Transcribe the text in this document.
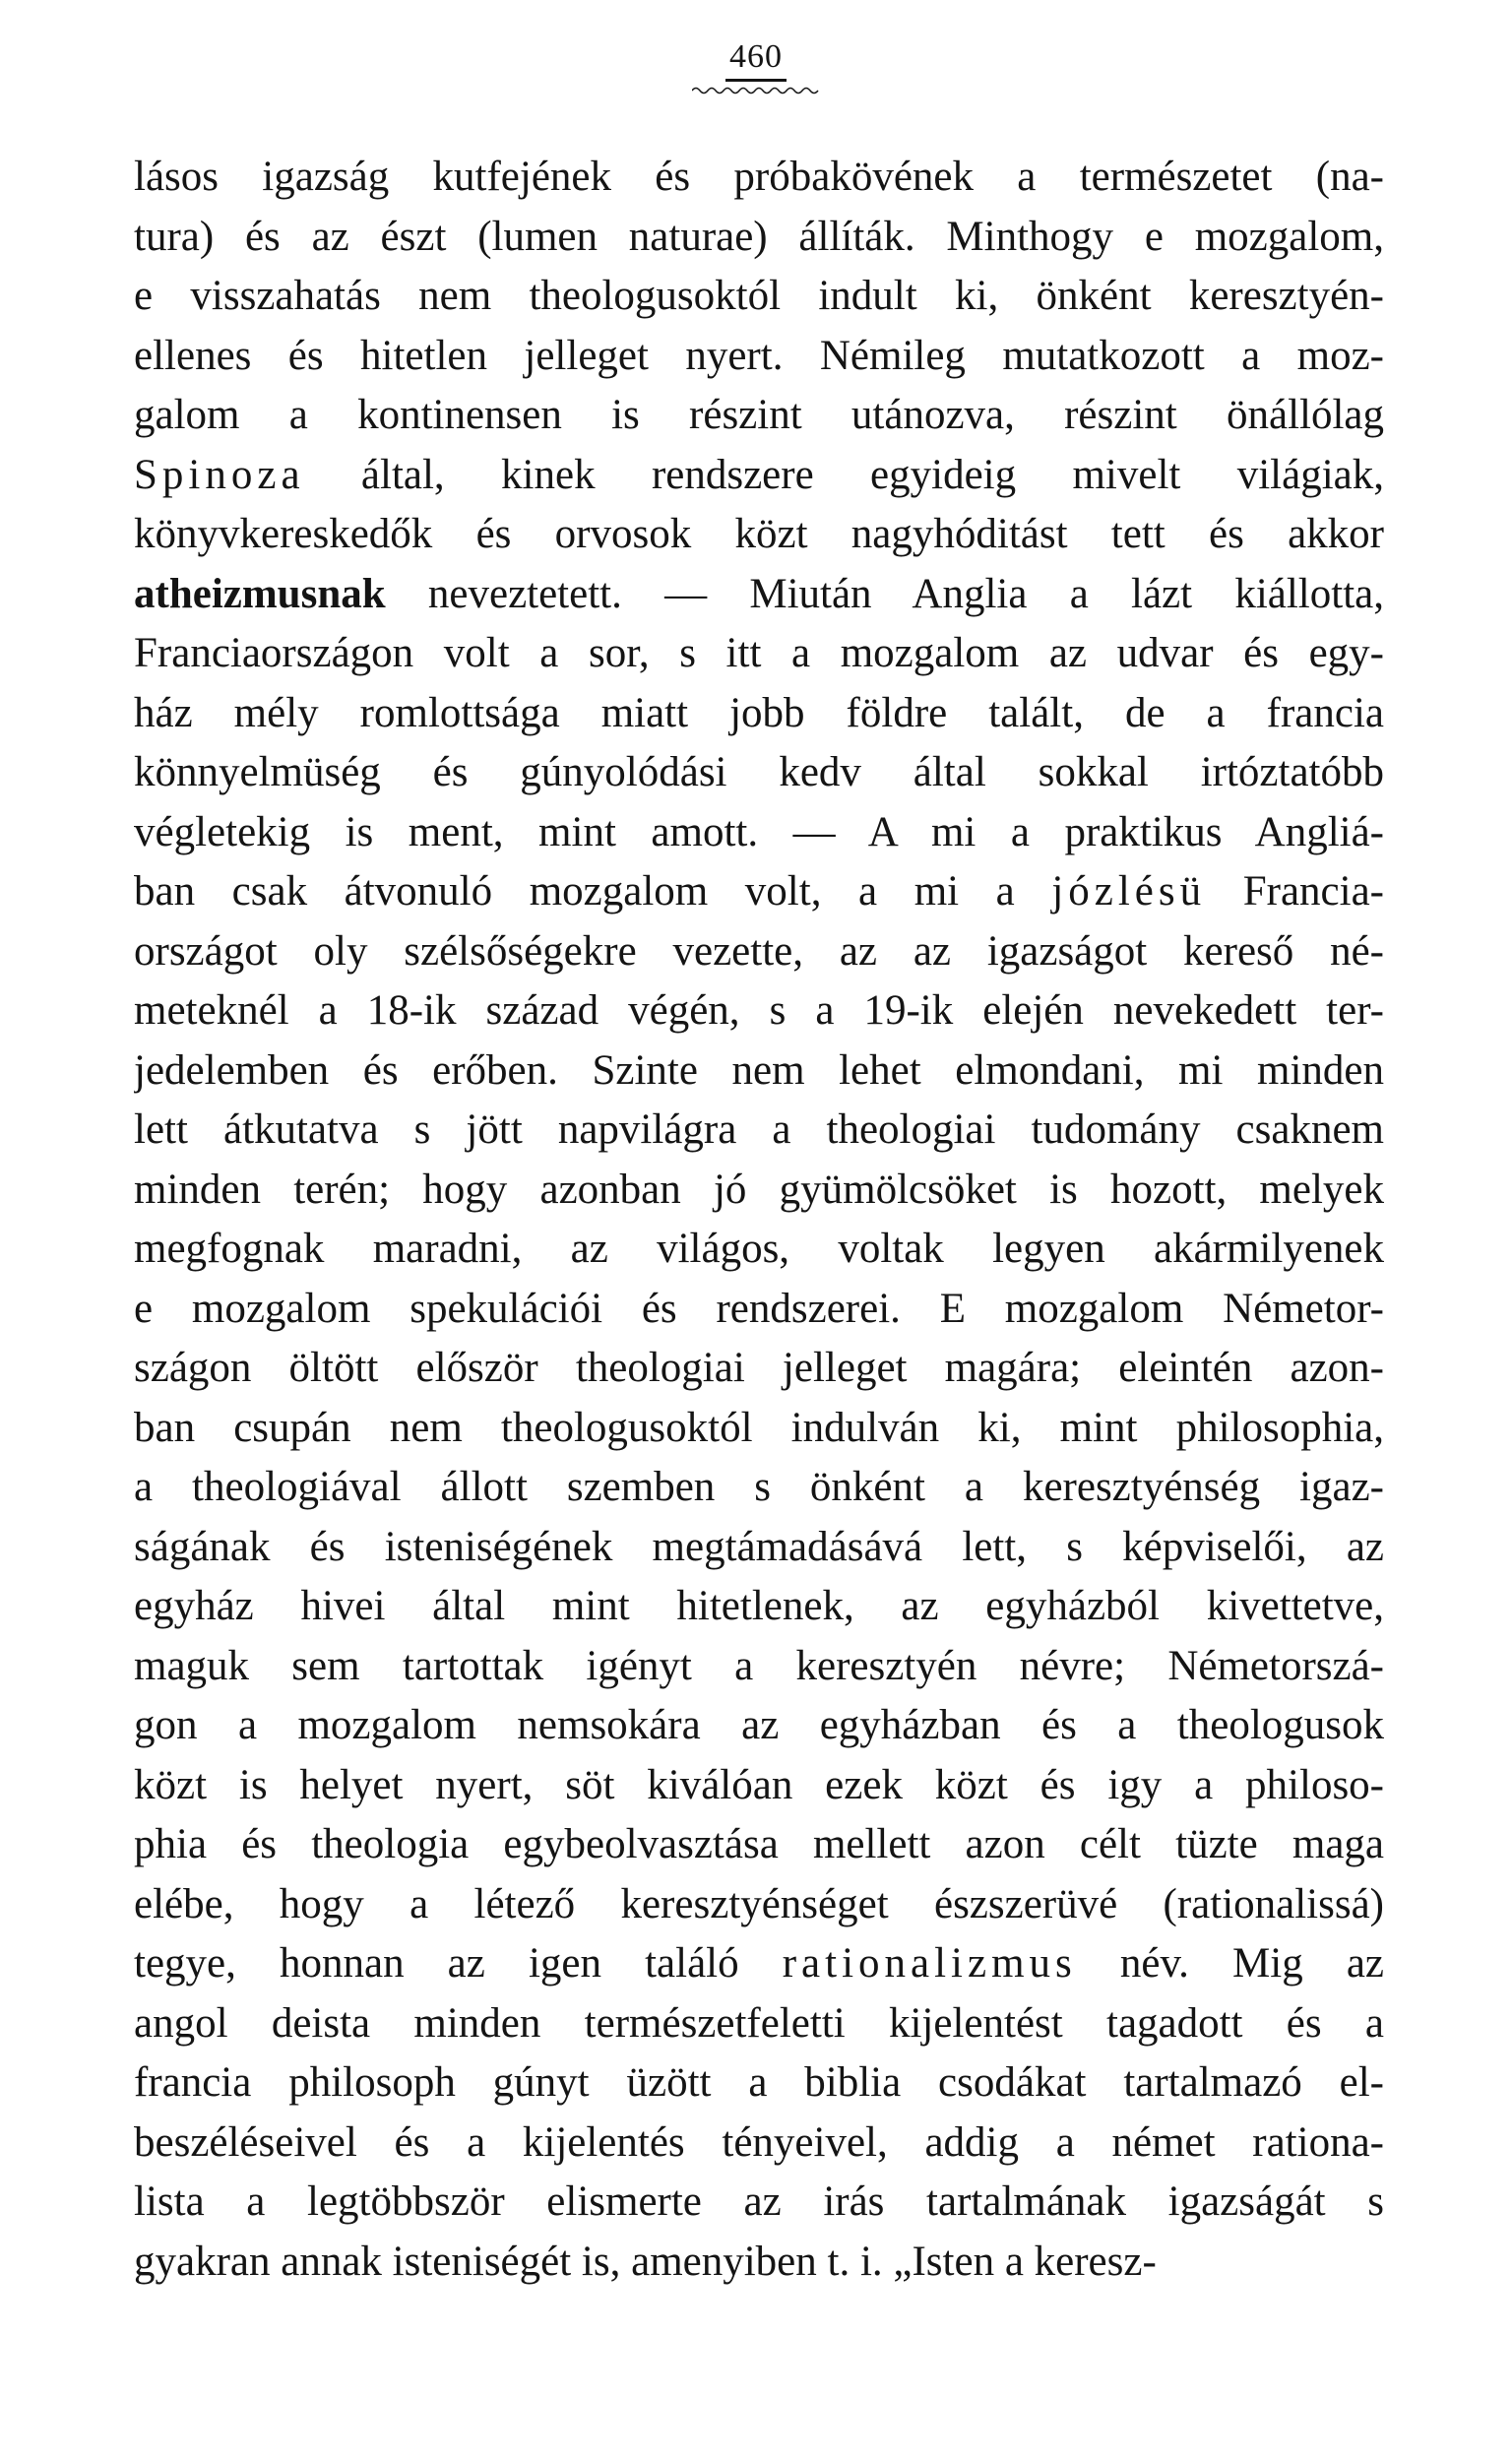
460
lásos igazság kutfejének és próbakövének a természetet (na-
tura) és az észt (lumen naturae) állíták. Minthogy e mozgalom,
e visszahatás nem theologusoktól indult ki, önként keresztyén-
ellenes és hitetlen jelleget nyert. Némileg mutatkozott a moz-
galom a kontinensen is részint utánozva, részint önállólag
Spinoza által, kinek rendszere egyideig mivelt világiak,
könyvkereskedők és orvosok közt nagyhóditást tett és akkor
atheizmusnak neveztetett. — Miután Anglia a lázt kiállotta,
Franciaországon volt a sor, s itt a mozgalom az udvar és egy-
ház mély romlottsága miatt jobb földre talált, de a francia
könnyelmüség és gúnyolódási kedv által sokkal irtóztatóbb
végletekig is ment, mint amott. — A mi a praktikus Angliá-
ban csak átvonuló mozgalom volt, a mi a józlésü Francia-
országot oly szélsőségekre vezette, az az igazságot kereső né-
meteknél a 18-ik század végén, s a 19-ik elején nevekedett ter-
jedelemben és erőben. Szinte nem lehet elmondani, mi minden
lett átkutatva s jött napvilágra a theologiai tudomány csaknem
minden terén; hogy azonban jó gyümölcsöket is hozott, melyek
megfognak maradni, az világos, voltak legyen akármilyenek
e mozgalom spekulációi és rendszerei. E mozgalom Németor-
szágon öltött először theologiai jelleget magára; eleintén azon-
ban csupán nem theologusoktól indulván ki, mint philosophia,
a theologiával állott szemben s önként a keresztyénség igaz-
ságának és isteniségének megtámadásává lett, s képviselői, az
egyház hivei által mint hitetlenek, az egyházból kivettetve,
maguk sem tartottak igényt a keresztyén névre; Németorszá-
gon a mozgalom nemsokára az egyházban és a theologusok
közt is helyet nyert, söt kiválóan ezek közt és igy a philoso-
phia és theologia egybeolvasztása mellett azon célt tüzte maga
elébe, hogy a létező keresztyénséget észszerüvé (rationalissá)
tegye, honnan az igen találó rationalizmus név. Mig az
angol deista minden természetfeletti kijelentést tagadott és a
francia philosoph gúnyt üzött a biblia csodákat tartalmazó el-
beszéléseivel és a kijelentés tényeivel, addig a német rationa-
lista a legtöbbször elismerte az irás tartalmának igazságát s
gyakran annak isteniségét is, amenyiben t. i. „Isten a keresz-
